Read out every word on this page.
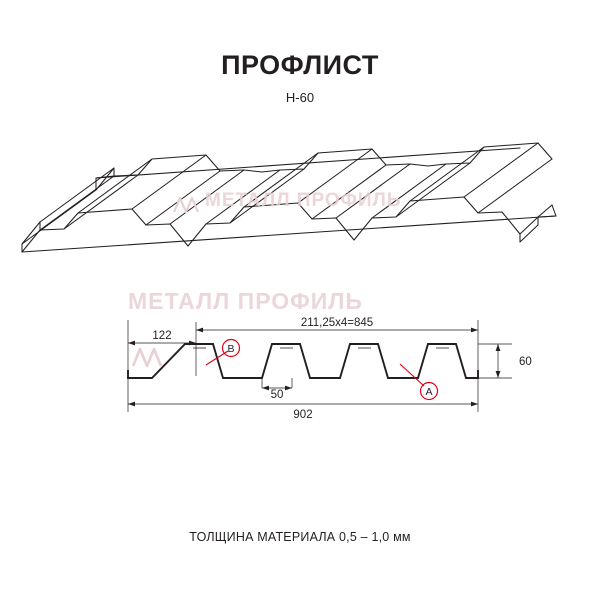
ПРОФЛИСТ
Н-60
МЕТАЛЛ ПРОФИЛЬ
211,25х4=845
122
50
902
60
B
A
МЕТАЛЛ ПРОФИЛЬ
ТОЛЩИНА МАТЕРИАЛА 0,5 – 1,0 мм
